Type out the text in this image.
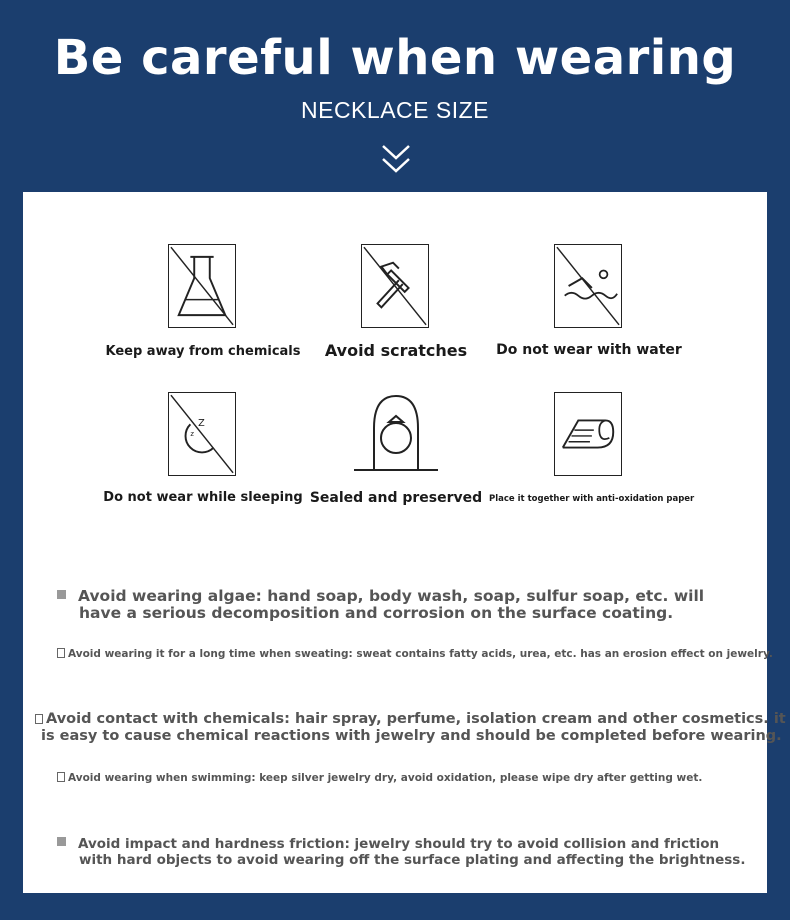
Be careful when wearing
NECKLACE SIZE
Keep away from chemicals	Avoid scratches	Do not wear with water
Z
z
Do not wear while sleeping Sealed and preserved Place it together with anti-oxidation paper
Avoid wearing algae: hand soap, body wash, soap, sulfur soap, etc. will
have a serious decomposition and corrosion on the surface coating.
Avoid wearing it for a long time when sweating: sweat contains fatty acids, urea, etc. has an erosion effect on jewelry.
Avoid contact with chemicals: hair spray, perfume, isolation cream and other cosmetics. it
is easy to cause chemical reactions with jewelry and should be completed before wearing.
Avoid wearing when swimming: keep silver jewelry dry, avoid oxidation, please wipe dry after getting wet.
Avoid impact and hardness friction: jewelry should try to avoid collision and friction
with hard objects to avoid wearing off the surface plating and affecting the brightness.
